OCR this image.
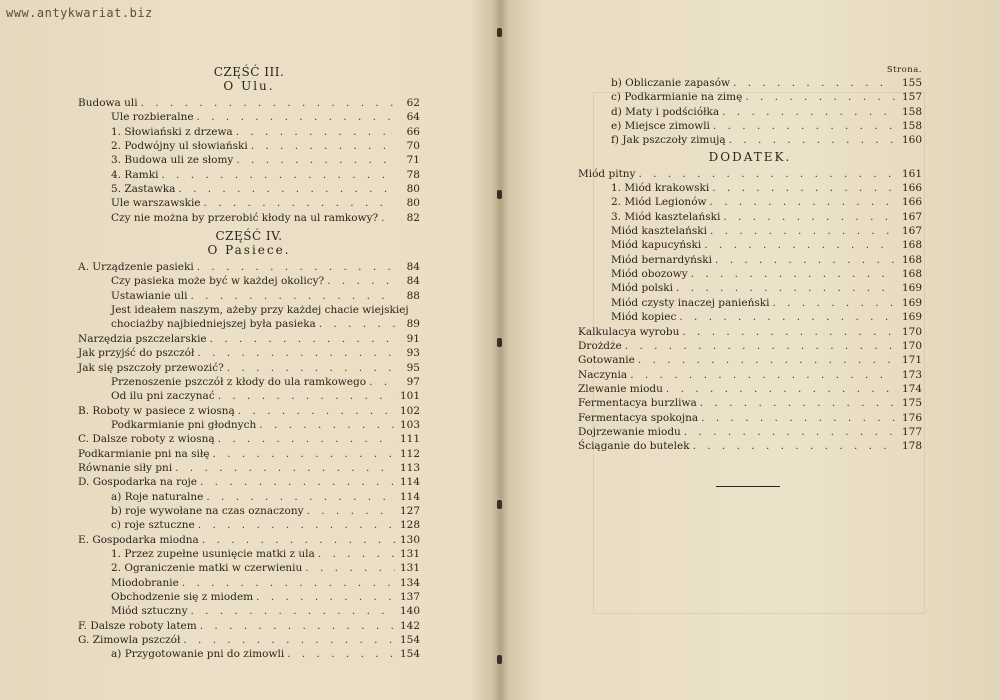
www.antykwariat.biz
CZĘŚĆ III.
O Ulu.
Budowa uli . . .	62
Ule rozbieralne . . .	64
1. Słowiański z drzewa . . .	66
2. Podwójny ul słowiański . . .	70
3. Budowa uli ze słomy . . .	71
4. Ramki . . .	78
5. Zastawka . . .	80
Ule warszawskie . . .	80
Czy nie można by przerobić kłody na ul ramkowy? . . .	82
CZĘŚĆ IV.
O Pasiece.
A. Urządzenie pasieki . . .	84
Czy pasieka może być w każdej okolicy? . . .	84
Ustawianie uli . . .	88
Jest ideałem naszym, ażeby przy każdej chacie wiejskiej
chociażby najbiedniejszej była pasieka . . .	89
Narzędzia pszczelarskie . . .	91
Jak przyjść do pszczół . . .	93
Jak się pszczoły przewozić? . . .	95
Przenoszenie pszczół z kłody do ula ramkowego . . .	97
Od ilu pni zaczynać . . .	101
B. Roboty w pasiece z wiosną . . .	102
Podkarmianie pni głodnych . . .	103
C. Dalsze roboty z wiosną . . .	111
Podkarmianie pni na siłę . . .	112
Równanie siły pni . . .	113
D. Gospodarka na roje . . .	114
a) Roje naturalne . . .	114
b) roje wywołane na czas oznaczony . . .	127
c) roje sztuczne . . .	128
E. Gospodarka miodna . . .	130
1. Przez zupełne usunięcie matki z ula . . .	131
2. Ograniczenie matki w czerwieniu . . .	131
Miodobranie . . .	134
Obchodzenie się z miodem . . .	137
Miód sztuczny . . .	140
F. Dalsze roboty latem . . .	142
G. Zimowla pszczół . . .	154
a) Przygotowanie pni do zimowli . . .	154
Strona.
b) Obliczanie zapasów . . .	155
c) Podkarmianie na zimę . . .	157
d) Maty i podściółka . . .	158
e) Miejsce zimowli . . .	158
f) Jak pszczoły zimują . . .	160
DODATEK.
Miód pitny . . .	161
1. Miód krakowski . . .	166
2. Miód Legionów . . .	166
3. Miód kasztelański . . .	167
Miód kasztelański . . .	167
Miód kapucyński . . .	168
Miód bernardyński . . .	168
Miód obozowy . . .	168
Miód polski . . .	169
Miód czysty inaczej panieński . . .	169
Miód kopiec . . .	169
Kalkulacya wyrobu . . .	170
Drożdże . . .	170
Gotowanie . . .	171
Naczynia . . .	173
Zlewanie miodu . . .	174
Fermentacya burzliwa . . .	175
Fermentacya spokojna . . .	176
Dojrzewanie miodu . . .	177
Ściąganie do butelek . . .	178
